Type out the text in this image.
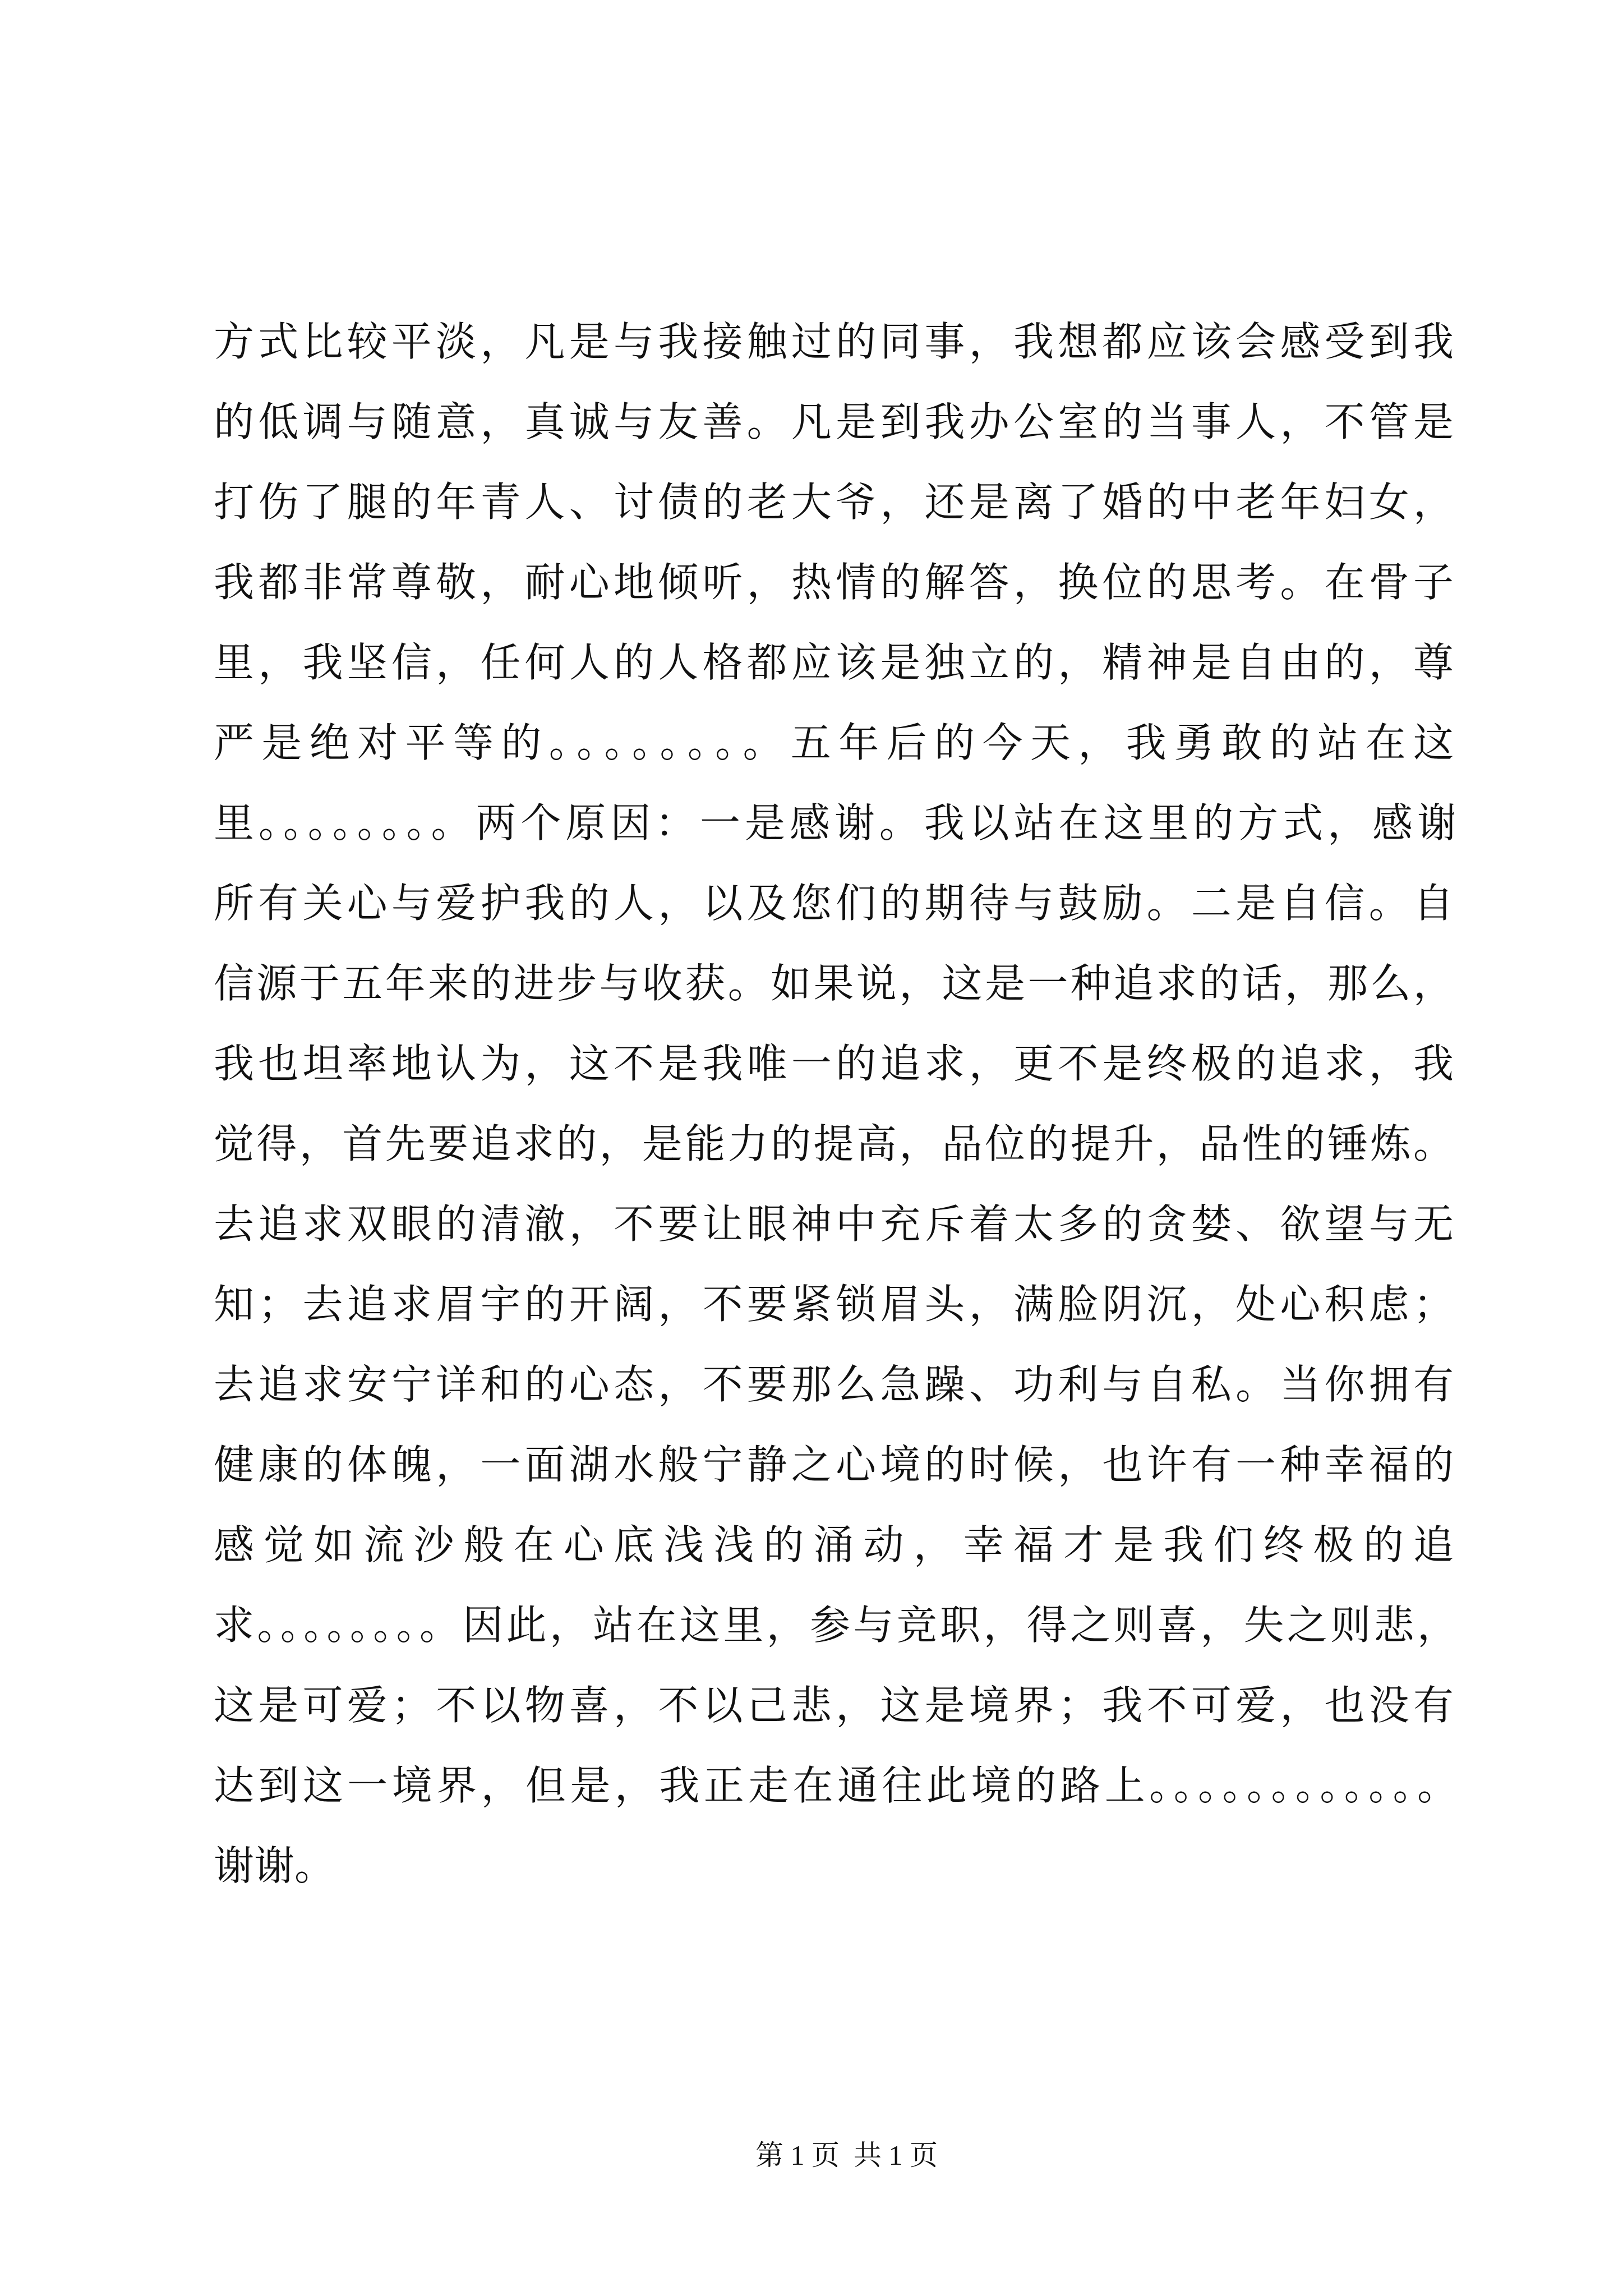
方式比较平淡，凡是与我接触过的同事，我想都应该会感受到我

的低调与随意，真诚与友善。凡是到我办公室的当事人，不管是

打伤了腿的年青人、讨债的老大爷，还是离了婚的中老年妇女，

我都非常尊敬，耐心地倾听，热情的解答，换位的思考。在骨子

里，我坚信，任何人的人格都应该是独立的，精神是自由的，尊

严是绝对平等的。。。。。。。。五年后的今天，我勇敢的站在这

里。。。。。。。。两个原因：一是感谢。我以站在这里的方式，感谢

所有关心与爱护我的人，以及您们的期待与鼓励。二是自信。自

信源于五年来的进步与收获。如果说，这是一种追求的话，那么，

我也坦率地认为，这不是我唯一的追求，更不是终极的追求，我

觉得，首先要追求的，是能力的提高，品位的提升，品性的锤炼。

去追求双眼的清澈，不要让眼神中充斥着太多的贪婪、欲望与无

知；去追求眉宇的开阔，不要紧锁眉头，满脸阴沉，处心积虑；

去追求安宁详和的心态，不要那么急躁、功利与自私。当你拥有

健康的体魄，一面湖水般宁静之心境的时候，也许有一种幸福的

感觉如流沙般在心底浅浅的涌动，幸福才是我们终极的追

求。。。。。。。。因此，站在这里，参与竞职，得之则喜，失之则悲，

这是可爱；不以物喜，不以己悲，这是境界；我不可爱，也没有

达到这一境界，但是，我正走在通往此境的路上。。。。。。。。。。。。

谢谢。

第 1 页  共 1 页
